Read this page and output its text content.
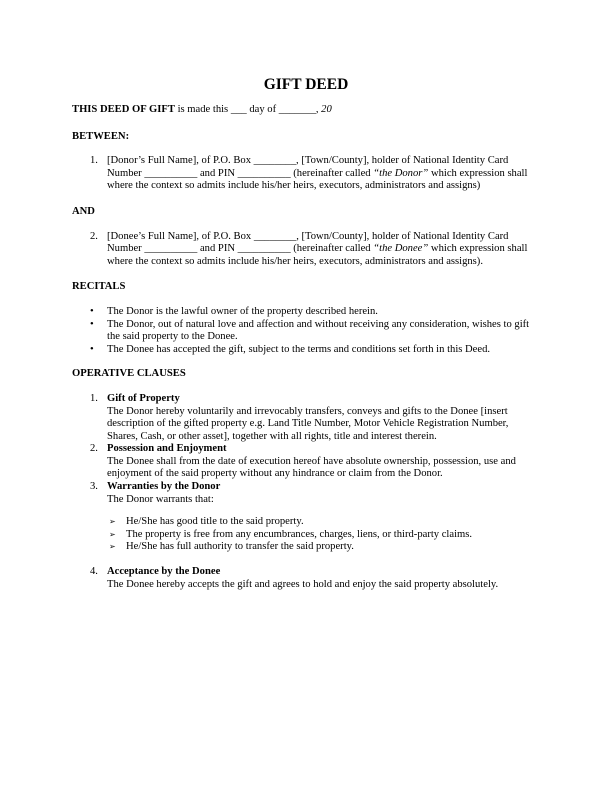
GIFT DEED
THIS DEED OF GIFT is made this ___ day of _______, 20
BETWEEN:
1. [Donor’s Full Name], of P.O. Box ________, [Town/County], holder of National Identity Card Number __________ and PIN __________ (hereinafter called “the Donor” which expression shall where the context so admits include his/her heirs, executors, administrators and assigns)
AND
2. [Donee’s Full Name], of P.O. Box ________, [Town/County], holder of National Identity Card Number __________ and PIN __________ (hereinafter called “the Donee” which expression shall where the context so admits include his/her heirs, executors, administrators and assigns).
RECITALS
• The Donor is the lawful owner of the property described herein.
• The Donor, out of natural love and affection and without receiving any consideration, wishes to gift the said property to the Donee.
• The Donee has accepted the gift, subject to the terms and conditions set forth in this Deed.
OPERATIVE CLAUSES
1. Gift of Property
The Donor hereby voluntarily and irrevocably transfers, conveys and gifts to the Donee [insert description of the gifted property e.g. Land Title Number, Motor Vehicle Registration Number, Shares, Cash, or other asset], together with all rights, title and interest therein.
2. Possession and Enjoyment
The Donee shall from the date of execution hereof have absolute ownership, possession, use and enjoyment of the said property without any hindrance or claim from the Donor.
3. Warranties by the Donor
The Donor warrants that:
➢ He/She has good title to the said property.
➢ The property is free from any encumbrances, charges, liens, or third-party claims.
➢ He/She has full authority to transfer the said property.
4. Acceptance by the Donee
The Donee hereby accepts the gift and agrees to hold and enjoy the said property absolutely.
